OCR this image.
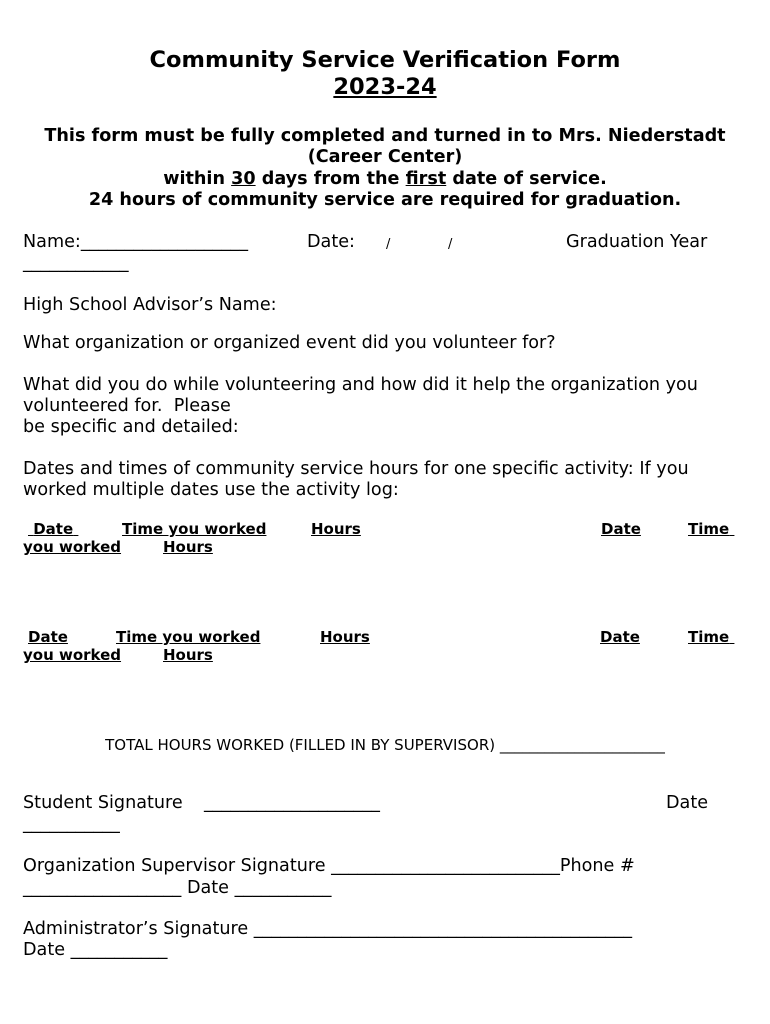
Community Service Verification Form
2023-24
This form must be fully completed and turned in to Mrs. Niederstadt
(Career Center)
within 30 days from the first date of service.
24 hours of community service are required for graduation.
Name:___________________	Date: /	/	Graduation Year
____________
High School Advisor’s Name:
What organization or organized event did you volunteer for?
What did you do while volunteering and how did it help the organization you
volunteered for.  Please
be specific and detailed:
Dates and times of community service hours for one specific activity: If you
worked multiple dates use the activity log:
Date	Time you worked	Hours	Date	Time
you worked	Hours
Date	Time you worked	Hours	Date	Time
you worked	Hours
TOTAL HOURS WORKED (FILLED IN BY SUPERVISOR) ______________________
Student Signature ____________________	Date
___________
Organization Supervisor Signature __________________________Phone #
__________________ Date ___________
Administrator’s Signature ___________________________________________
Date ___________
